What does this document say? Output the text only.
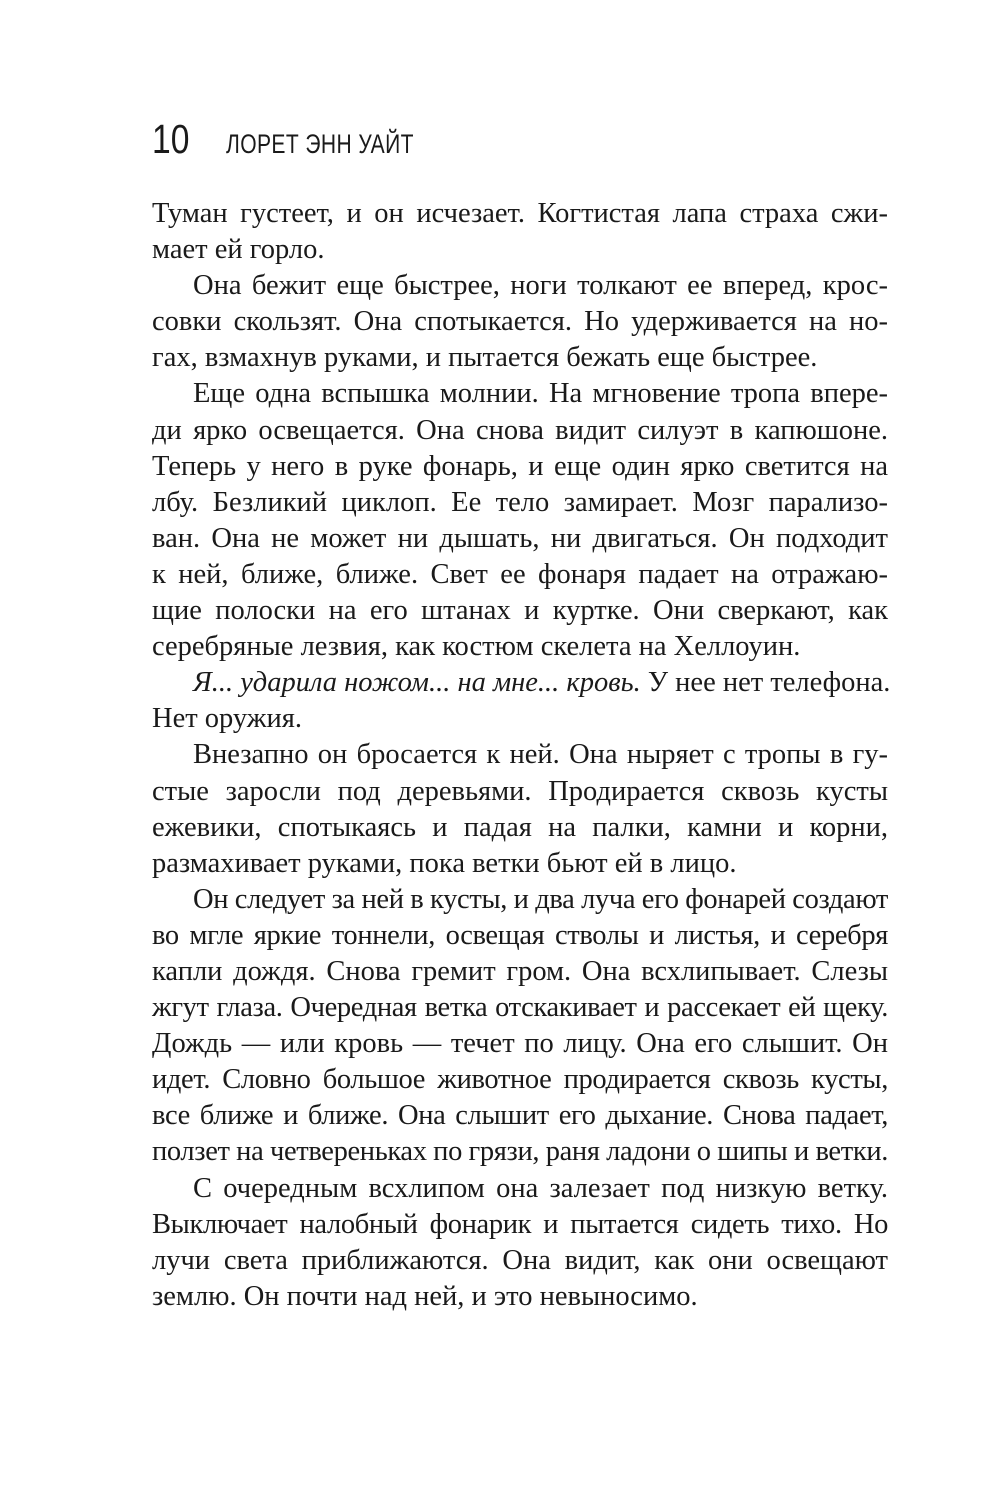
10	ЛОРЕТ ЭНН УАЙТ
Туман густеет, и он исчезает. Когтистая лапа страха сжи-
мает ей горло.
Она бежит еще быстрее, ноги толкают ее вперед, крос-
совки скользят. Она спотыкается. Но удерживается на но-
гах, взмахнув руками, и пытается бежать еще быстрее.
Еще одна вспышка молнии. На мгновение тропа впере-
ди ярко освещается. Она снова видит силуэт в капюшоне.
Теперь у него в руке фонарь, и еще один ярко светится на
лбу. Безликий циклоп. Ее тело замирает. Мозг парализо-
ван. Она не может ни дышать, ни двигаться. Он подходит
к ней, ближе, ближе. Свет ее фонаря падает на отражаю-
щие полоски на его штанах и куртке. Они сверкают, как
серебряные лезвия, как костюм скелета на Хеллоуин.
Я... ударила ножом... на мне... кровь. У нее нет телефона.
Нет оружия.
Внезапно он бросается к ней. Она ныряет с тропы в гу-
стые заросли под деревьями. Продирается сквозь кусты
ежевики, спотыкаясь и падая на палки, камни и корни,
размахивает руками, пока ветки бьют ей в лицо.
Он следует за ней в кусты, и два луча его фонарей создают
во мгле яркие тоннели, освещая стволы и листья, и серебря
капли дождя. Снова гремит гром. Она всхлипывает. Слезы
жгут глаза. Очередная ветка отскакивает и рассекает ей щеку.
Дождь — или кровь — течет по лицу. Она его слышит. Он
идет. Словно большое животное продирается сквозь кусты,
все ближе и ближе. Она слышит его дыхание. Снова падает,
ползет на четвереньках по грязи, раня ладони о шипы и ветки.
С очередным всхлипом она залезает под низкую ветку.
Выключает налобный фонарик и пытается сидеть тихо. Но
лучи света приближаются. Она видит, как они освещают
землю. Он почти над ней, и это невыносимо.
